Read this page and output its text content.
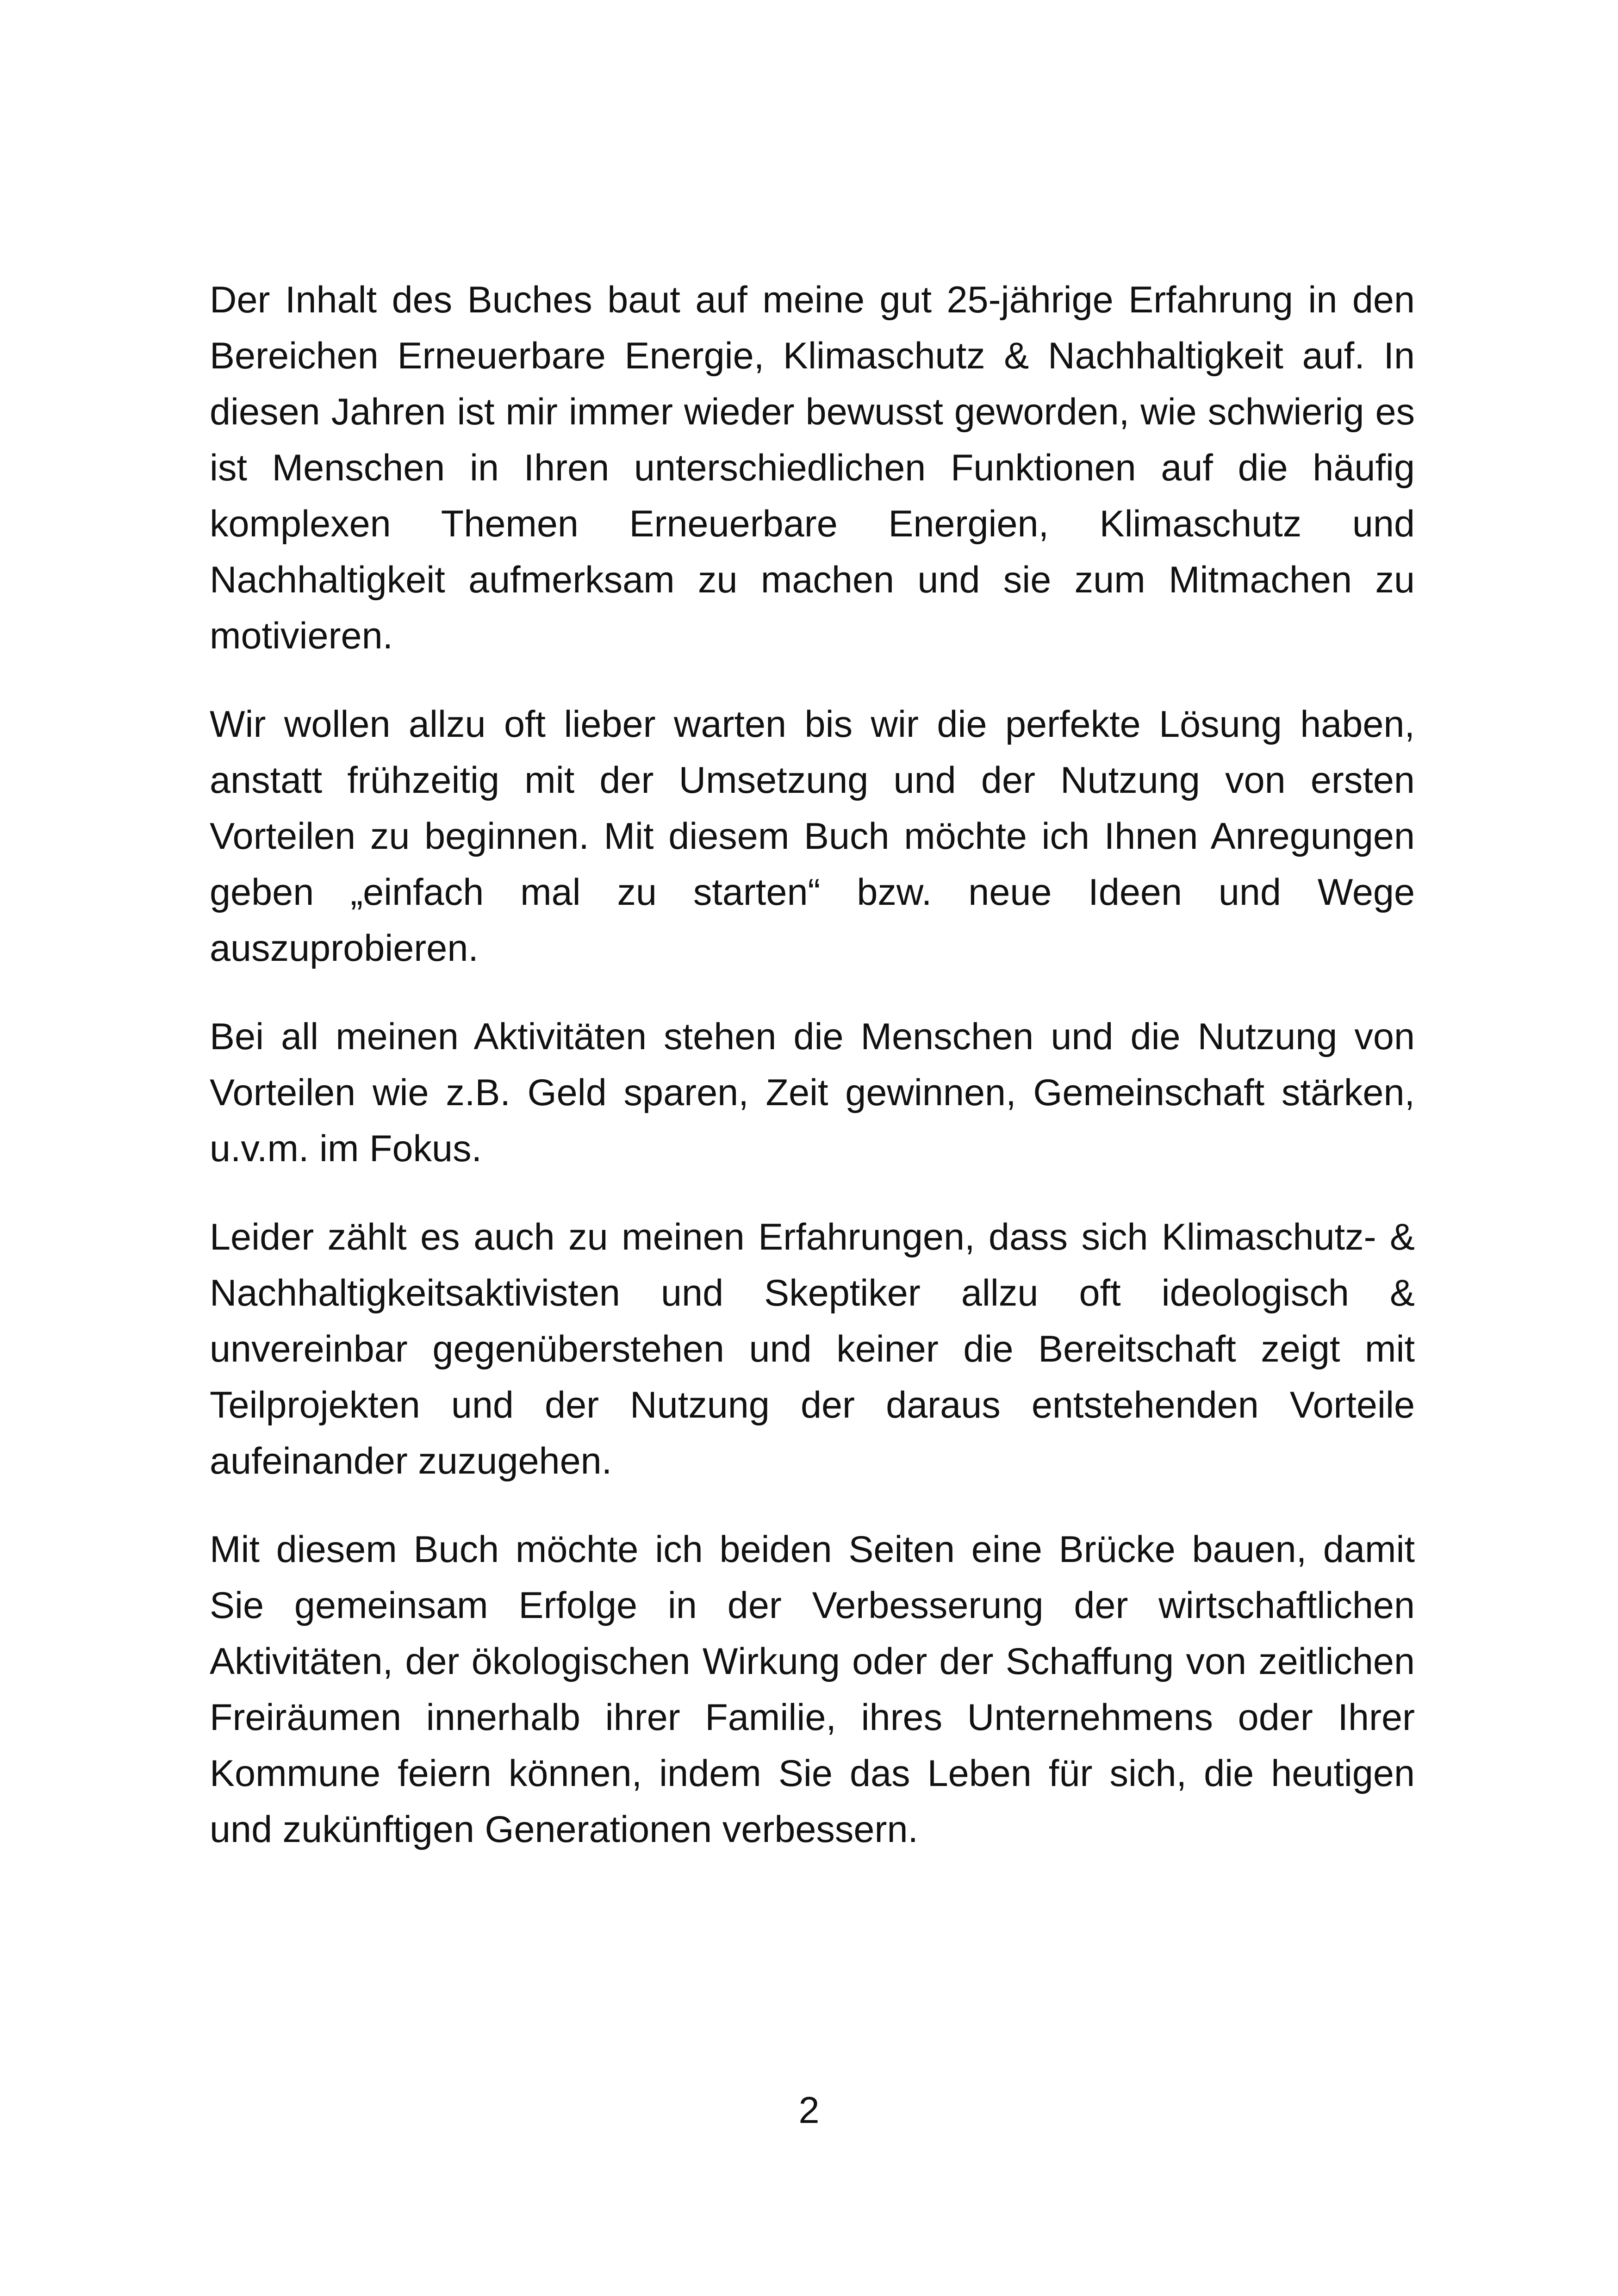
Der Inhalt des Buches baut auf meine gut 25-jährige Erfahrung in den Bereichen Erneuerbare Energie, Klimaschutz & Nachhaltigkeit auf. In diesen Jahren ist mir immer wieder bewusst geworden, wie schwierig es ist Menschen in Ihren unterschiedlichen Funktionen auf die häufig komplexen Themen Erneuerbare Energien, Klimaschutz und Nachhaltigkeit aufmerksam zu machen und sie zum Mitmachen zu motivieren.

Wir wollen allzu oft lieber warten bis wir die perfekte Lösung haben, anstatt frühzeitig mit der Umsetzung und der Nutzung von ersten Vorteilen zu beginnen. Mit diesem Buch möchte ich Ihnen Anregungen geben „einfach mal zu starten“ bzw. neue Ideen und Wege auszuprobieren.

Bei all meinen Aktivitäten stehen die Menschen und die Nutzung von Vorteilen wie z.B. Geld sparen, Zeit gewinnen, Gemeinschaft stärken, u.v.m. im Fokus.

Leider zählt es auch zu meinen Erfahrungen, dass sich Klimaschutz- & Nachhaltigkeitsaktivisten und Skeptiker allzu oft ideologisch & unvereinbar gegenüberstehen und keiner die Bereitschaft zeigt mit Teilprojekten und der Nutzung der daraus entstehenden Vorteile aufeinander zuzugehen.

Mit diesem Buch möchte ich beiden Seiten eine Brücke bauen, damit Sie gemeinsam Erfolge in der Verbesserung der wirtschaftlichen Aktivitäten, der ökologischen Wirkung oder der Schaffung von zeitlichen Freiräumen innerhalb ihrer Familie, ihres Unternehmens oder Ihrer Kommune feiern können, indem Sie das Leben für sich, die heutigen und zukünftigen Generationen verbessern.

2
